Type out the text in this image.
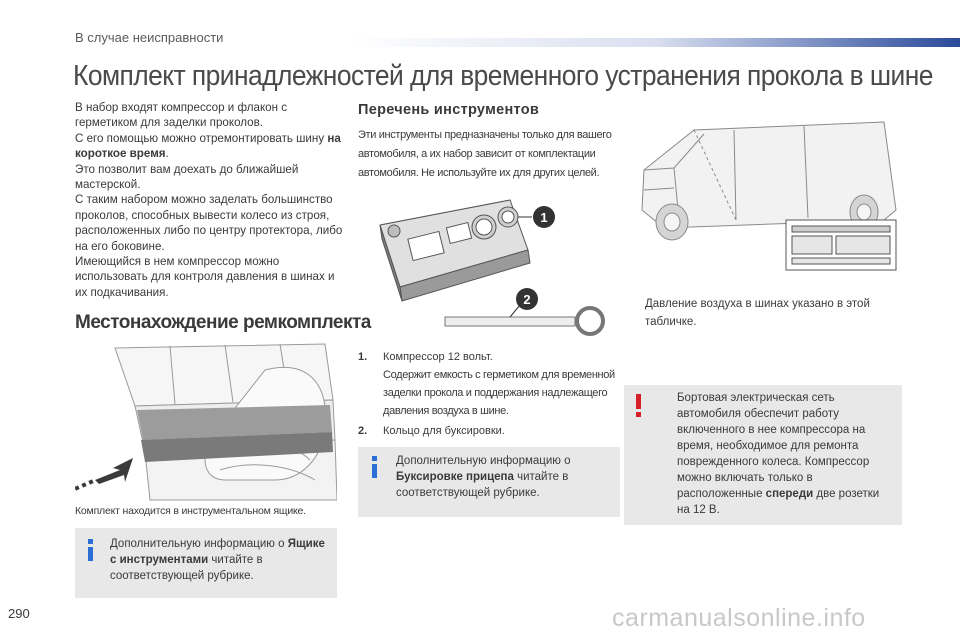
В случае неисправности
Комплект принадлежностей для временного устранения прокола в шине

В набор входят компрессор и флакон с герметиком для заделки проколов.

С его помощью можно отремонтировать шину на короткое время.

Это позволит вам доехать до ближайшей мастерской.

С таким набором можно заделать большинство проколов, способных вывести колесо из строя, расположенных либо по центру протектора, либо на его боковине.

Имеющийся в нем компрессор можно использовать для контроля давления в шинах и их подкачивания.

Местонахождение ремкомплекта
Комплект находится в инструментальном ящике.
Дополнительную информацию о Ящике с инструментами читайте в соответствующей рубрике.
Перечень инструментов
Эти инструменты предназначены только для вашего автомобиля, а их набор зависит от комплектации автомобиля. Не используйте их для других целей.
1
2
1. Компрессор 12 вольт.
Содержит емкость с герметиком для временной заделки прокола и поддержания надлежащего давления воздуха в шине.
2. Кольцо для буксировки.
Дополнительную информацию о Буксировке прицепа читайте в соответствующей рубрике.
Давление воздуха в шинах указано в этой табличке.
Бортовая электрическая сеть автомобиля обеспечит работу включенного в нее компрессора на время, необходимое для ремонта поврежденного колеса. Компрессор можно включать только в расположенные спереди две розетки на 12 В.
290	carmanualsonline.info
